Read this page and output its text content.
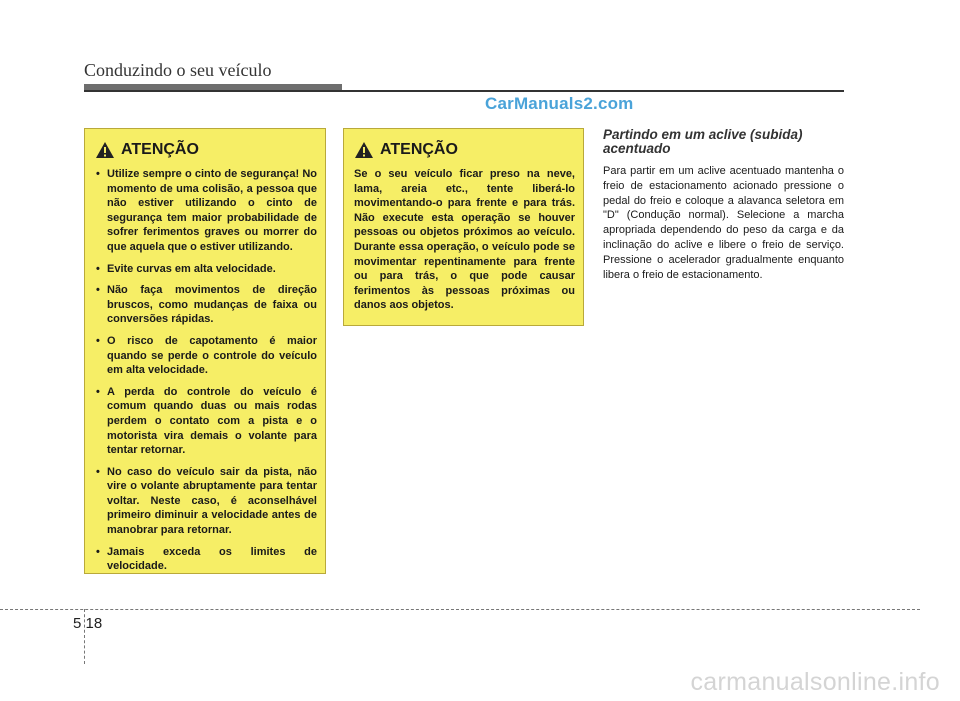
Conduzindo o seu veículo
CarManuals2.com
ATENÇÃO
• Utilize sempre o cinto de segurança! No momento de uma colisão, a pessoa que não estiver utilizando o cinto de segurança tem maior probabilidade de sofrer ferimentos graves ou morrer do que aquela que o estiver utilizando.
• Evite curvas em alta velocidade.
• Não faça movimentos de direção bruscos, como mudanças de faixa ou conversões rápidas.
• O risco de capotamento é maior quando se perde o controle do veículo em alta velocidade.
• A perda do controle do veículo é comum quando duas ou mais rodas perdem o contato com a pista e o motorista vira demais o volante para tentar retornar.
• No caso do veículo sair da pista, não vire o volante abruptamente para tentar voltar. Neste caso, é aconselhável primeiro diminuir a velocidade antes de manobrar para retornar.
• Jamais exceda os limites de velocidade.
ATENÇÃO

Se o seu veículo ficar preso na neve, lama, areia etc., tente liberá-lo movimentando-o para frente e para trás. Não execute esta operação se houver pessoas ou objetos próximos ao veículo. Durante essa operação, o veículo pode se movimentar repentinamente para frente ou para trás, o que pode causar ferimentos às pessoas próximas ou danos aos objetos.

Partindo em um aclive (subida) acentuado

Para partir em um aclive acentuado mantenha o freio de estacionamento acionado pressione o pedal do freio e coloque a alavanca seletora em "D" (Condução normal). Selecione a marcha apropriada dependendo do peso da carga e da inclinação do aclive e libere o freio de serviço. Pressione o acelerador gradualmente enquanto libera o freio de estacionamento.

5 18
carmanualsonline.info
